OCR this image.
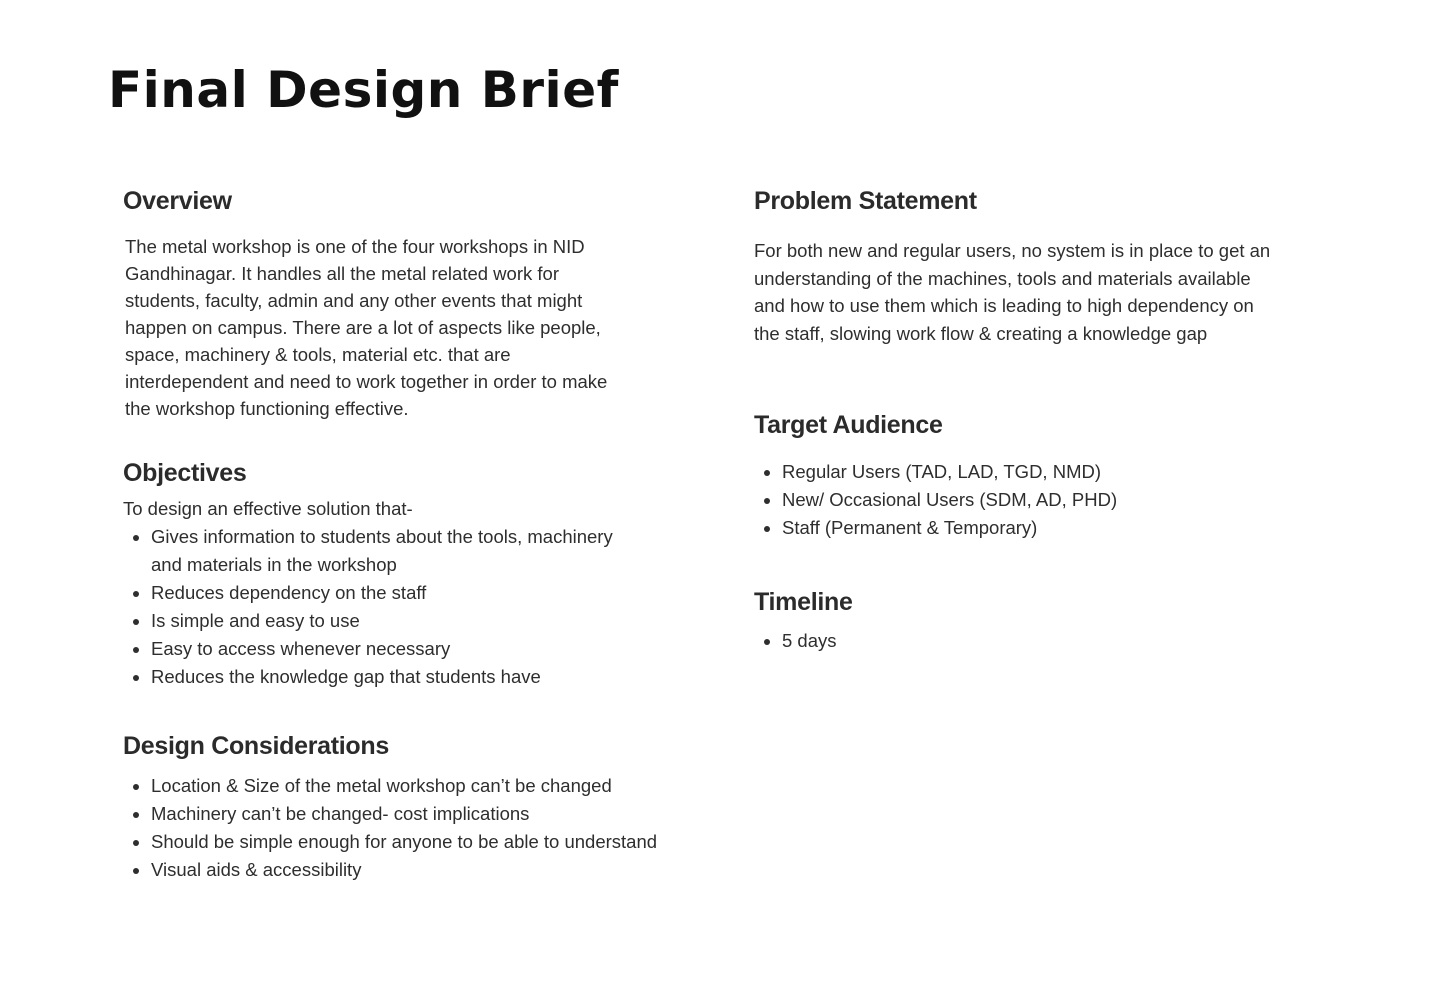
Final Design Brief
Overview

The metal workshop is one of the four workshops in NID Gandhinagar. It handles all the metal related work for students, faculty, admin and any other events that might happen on campus. There are a lot of aspects like people, space, machinery & tools, material etc. that are interdependent and need to work together in order to make the workshop functioning effective.

Objectives

To design an effective solution that-

• Gives information to students about the tools, machinery and materials in the workshop
• Reduces dependency on the staff
• Is simple and easy to use
• Easy to access whenever necessary
• Reduces the knowledge gap that students have
Design Considerations
• Location & Size of the metal workshop can’t be changed
• Machinery can’t be changed- cost implications
• Should be simple enough for anyone to be able to understand
• Visual aids & accessibility
Problem Statement

For both new and regular users, no system is in place to get an understanding of the machines, tools and materials available and how to use them which is leading to high dependency on the staff, slowing work flow & creating a knowledge gap

Target Audience
• Regular Users (TAD, LAD, TGD, NMD)
• New/ Occasional Users (SDM, AD, PHD)
• Staff (Permanent & Temporary)
Timeline
• 5 days
